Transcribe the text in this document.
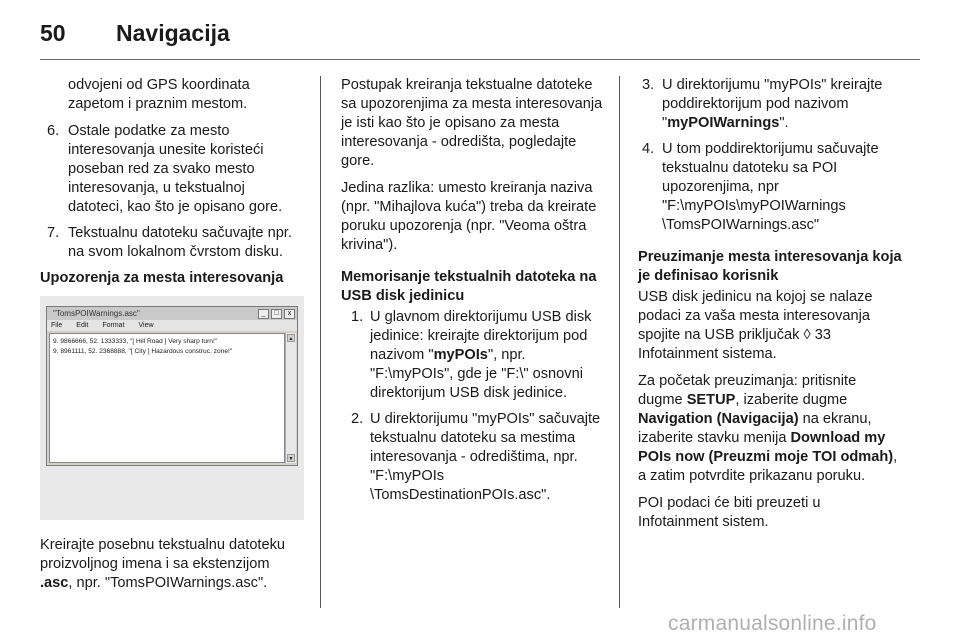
50 Navigacija

odvojeni od GPS koordinata zapetom i praznim mestom.

6. Ostale podatke za mesto interesovanja unesite koristeći poseban red za svako mesto interesovanja, u tekstualnoj datoteci, kao što je opisano gore.
7. Tekstualnu datoteku sačuvajte npr. na svom lokalnom čvrstom disku.
Upozorenja za mesta interesovanja
"TomsPOIWarnings.asc"	_	□	x
File Edit Format View
9. 9866666, 52. 1333333, "[ Hill Road ] Very sharp turn!"
9. 8961111, 52. 2368888, "[ City ] Hazardous construc. zone!"
▲
▼

Kreirajte posebnu tekstualnu datoteku proizvoljnog imena i sa ekstenzijom .asc, npr. "TomsPOIWarnings.asc".

Postupak kreiranja tekstualne datoteke sa upozorenjima za mesta interesovanja je isti kao što je opisano za mesta interesovanja - odredišta, pogledajte gore.

Jedina razlika: umesto kreiranja naziva (npr. "Mihajlova kuća") treba da kreirate poruku upozorenja (npr. "Veoma oštra krivina").

Memorisanje tekstualnih datoteka na USB disk jedinicu
1. U glavnom direktorijumu USB disk jedinice: kreirajte direktorijum pod nazivom "myPOIs", npr. "F:\myPOIs", gde je "F:\" osnovni direktorijum USB disk jedinice.
2. U direktorijumu "myPOIs" sačuvajte tekstualnu datoteku sa mestima interesovanja - odredištima, npr. "F:\myPOIs \TomsDestinationPOIs.asc".
3. U direktorijumu "myPOIs" kreirajte poddirektorijum pod nazivom "myPOIWarnings".
4. U tom poddirektorijumu sačuvajte tekstualnu datoteku sa POI upozorenjima, npr "F:\myPOIs\myPOIWarnings \TomsPOIWarnings.asc"
Preuzimanje mesta interesovanja koja je definisao korisnik

USB disk jedinicu na kojoj se nalaze podaci za vaša mesta interesovanja spojite na USB priključak ◊ 33 Infotainment sistema.

Za početak preuzimanja: pritisnite dugme SETUP, izaberite dugme Navigation (Navigacija) na ekranu, izaberite stavku menija Download my POIs now (Preuzmi moje TOI odmah), a zatim potvrdite prikazanu poruku.

POI podaci će biti preuzeti u Infotainment sistem.

carmanualsonline.info
